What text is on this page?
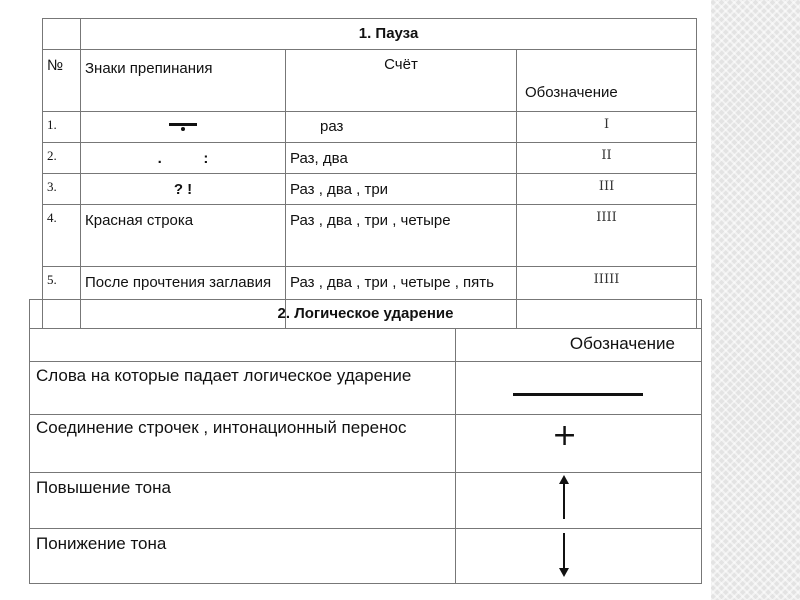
	1. Пауза		
№	Знаки препинания	Счёт	Обозначение
1.		раз	I
2.	.          :	Раз, два	II
3.	? !	Раз , два , три	III
4.	Красная строка	Раз , два , три , четыре	IIII
5.	После прочтения заглавия	Раз , два , три , четыре , пять	IIIII
2. Логическое ударение	
	Обозначение
Слова на которые падает логическое ударение	

Соединение строчек , интонационный перенос	+

Повышение тона	

Понижение тона	
